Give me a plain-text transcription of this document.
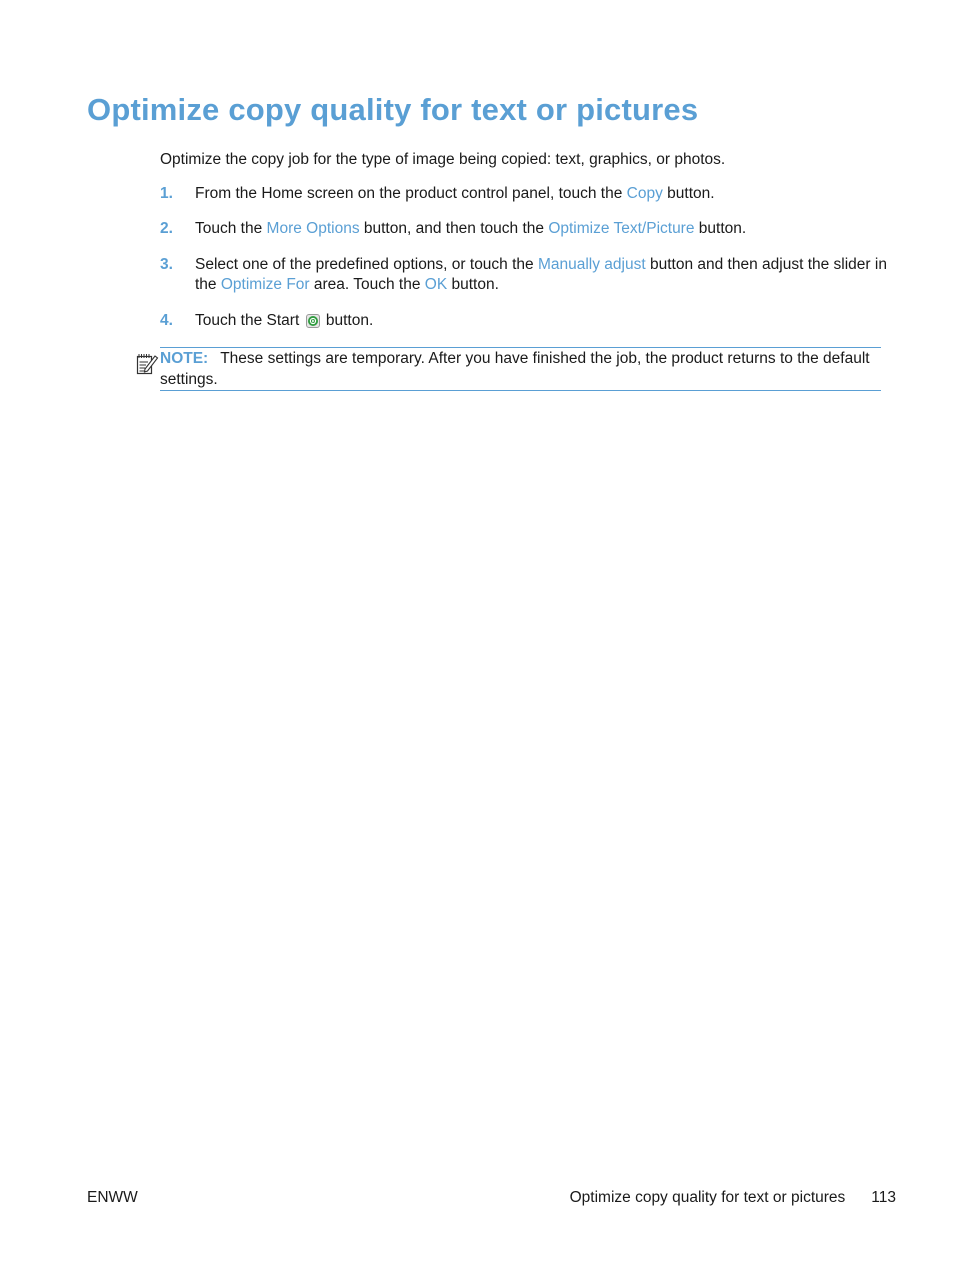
Optimize copy quality for text or pictures

Optimize the copy job for the type of image being copied: text, graphics, or photos.

1. From the Home screen on the product control panel, touch the Copy button.
2. Touch the More Options button, and then touch the Optimize Text/Picture button.
3. Select one of the predefined options, or touch the Manually adjust button and then adjust the slider in the Optimize For area. Touch the OK button.
4. Touch the Start  button.
NOTE: These settings are temporary. After you have finished the job, the product returns to the default settings.
ENWW	Optimize copy quality for text or pictures 113
